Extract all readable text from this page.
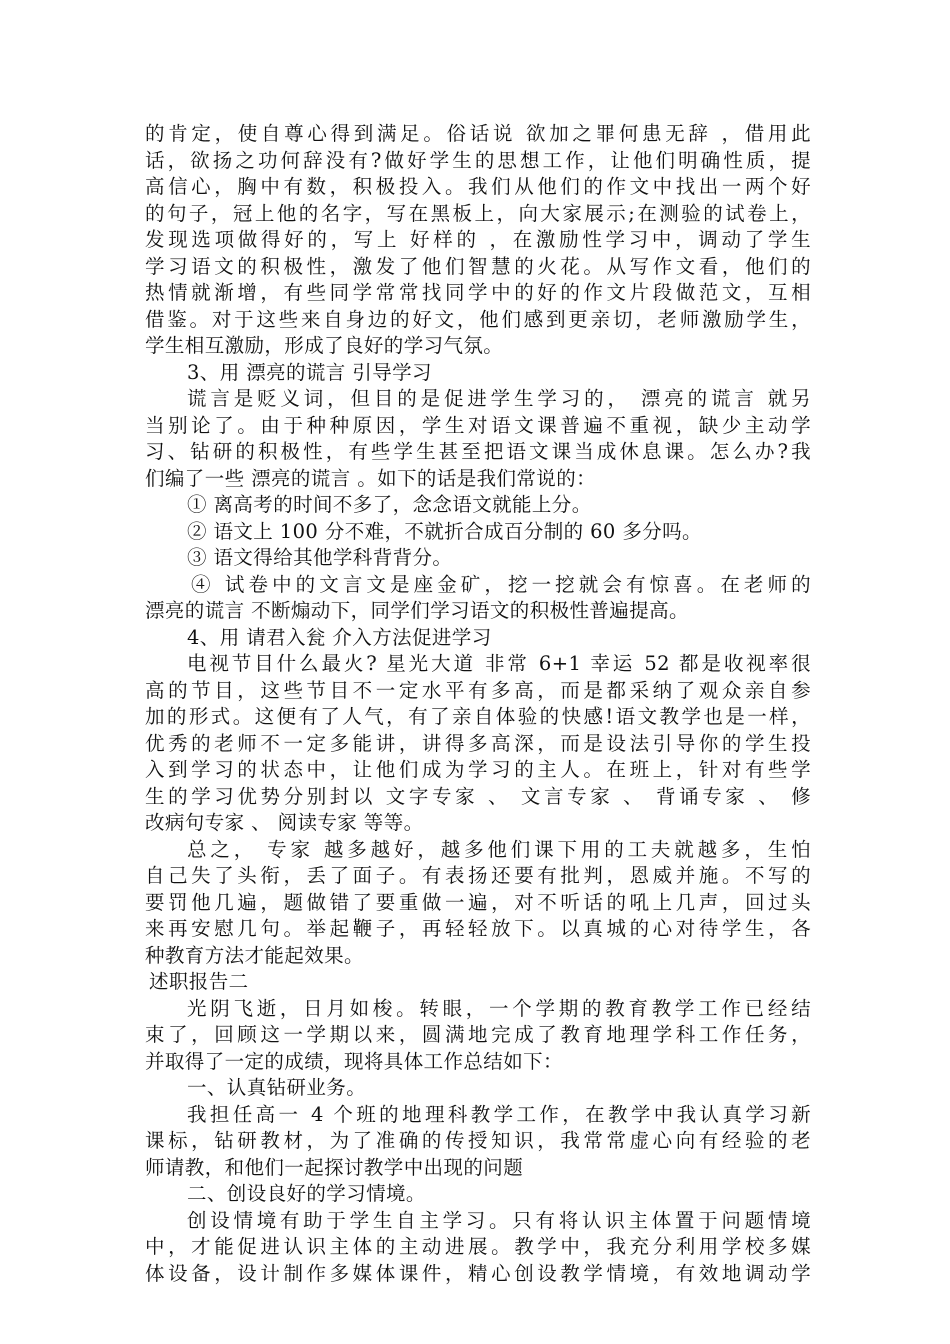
的肯定，使自尊心得到满足。俗话说 欲加之罪何患无辞 ，借用此
话，欲扬之功何辞没有?做好学生的思想工作，让他们明确性质，提
高信心，胸中有数，积极投入。我们从他们的作文中找出一两个好
的句子，冠上他的名字，写在黑板上，向大家展示;在测验的试卷上，
发现选项做得好的，写上 好样的 ，在激励性学习中，调动了学生
学习语文的积极性，激发了他们智慧的火花。从写作文看，他们的
热情就渐增，有些同学常常找同学中的好的作文片段做范文，互相
借鉴。对于这些来自身边的好文，他们感到更亲切，老师激励学生，
学生相互激励，形成了良好的学习气氛。
3、用 漂亮的谎言 引导学习
谎言是贬义词，但目的是促进学生学习的， 漂亮的谎言 就另
当别论了。由于种种原因，学生对语文课普遍不重视，缺少主动学
习、钻研的积极性，有些学生甚至把语文课当成休息课。怎么办?我
们编了一些 漂亮的谎言 。如下的话是我们常说的：
① 离高考的时间不多了，念念语文就能上分。
② 语文上 100 分不难，不就折合成百分制的 60 多分吗。
③ 语文得给其他学科背背分。
④ 试卷中的文言文是座金矿，挖一挖就会有惊喜。在老师的
漂亮的谎言 不断煽动下，同学们学习语文的积极性普遍提高。
4、用 请君入瓮 介入方法促进学习
电视节目什么最火? 星光大道 非常 6+1 幸运 52 都是收视率很
高的节目，这些节目不一定水平有多高，而是都采纳了观众亲自参
加的形式。这便有了人气，有了亲自体验的快感!语文教学也是一样，
优秀的老师不一定多能讲，讲得多高深，而是设法引导你的学生投
入到学习的状态中，让他们成为学习的主人。在班上，针对有些学
生的学习优势分别封以 文字专家 、 文言专家 、 背诵专家 、 修
改病句专家 、 阅读专家 等等。
总之， 专家 越多越好，越多他们课下用的工夫就越多，生怕
自己失了头衔，丢了面子。有表扬还要有批判，恩威并施。不写的
要罚他几遍，题做错了要重做一遍，对不听话的吼上几声，回过头
来再安慰几句。举起鞭子，再轻轻放下。以真城的心对待学生，各
种教育方法才能起效果。
述职报告二
光阴飞逝，日月如梭。转眼，一个学期的教育教学工作已经结
束了，回顾这一学期以来，圆满地完成了教育地理学科工作任务，
并取得了一定的成绩，现将具体工作总结如下：
一、认真钻研业务。
我担任高一 4 个班的地理科教学工作，在教学中我认真学习新
课标，钻研教材，为了准确的传授知识，我常常虚心向有经验的老
师请教，和他们一起探讨教学中出现的问题
二、创设良好的学习情境。
创设情境有助于学生自主学习。只有将认识主体置于问题情境
中，才能促进认识主体的主动进展。教学中，我充分利用学校多媒
体设备，设计制作多媒体课件，精心创设教学情境，有效地调动学
